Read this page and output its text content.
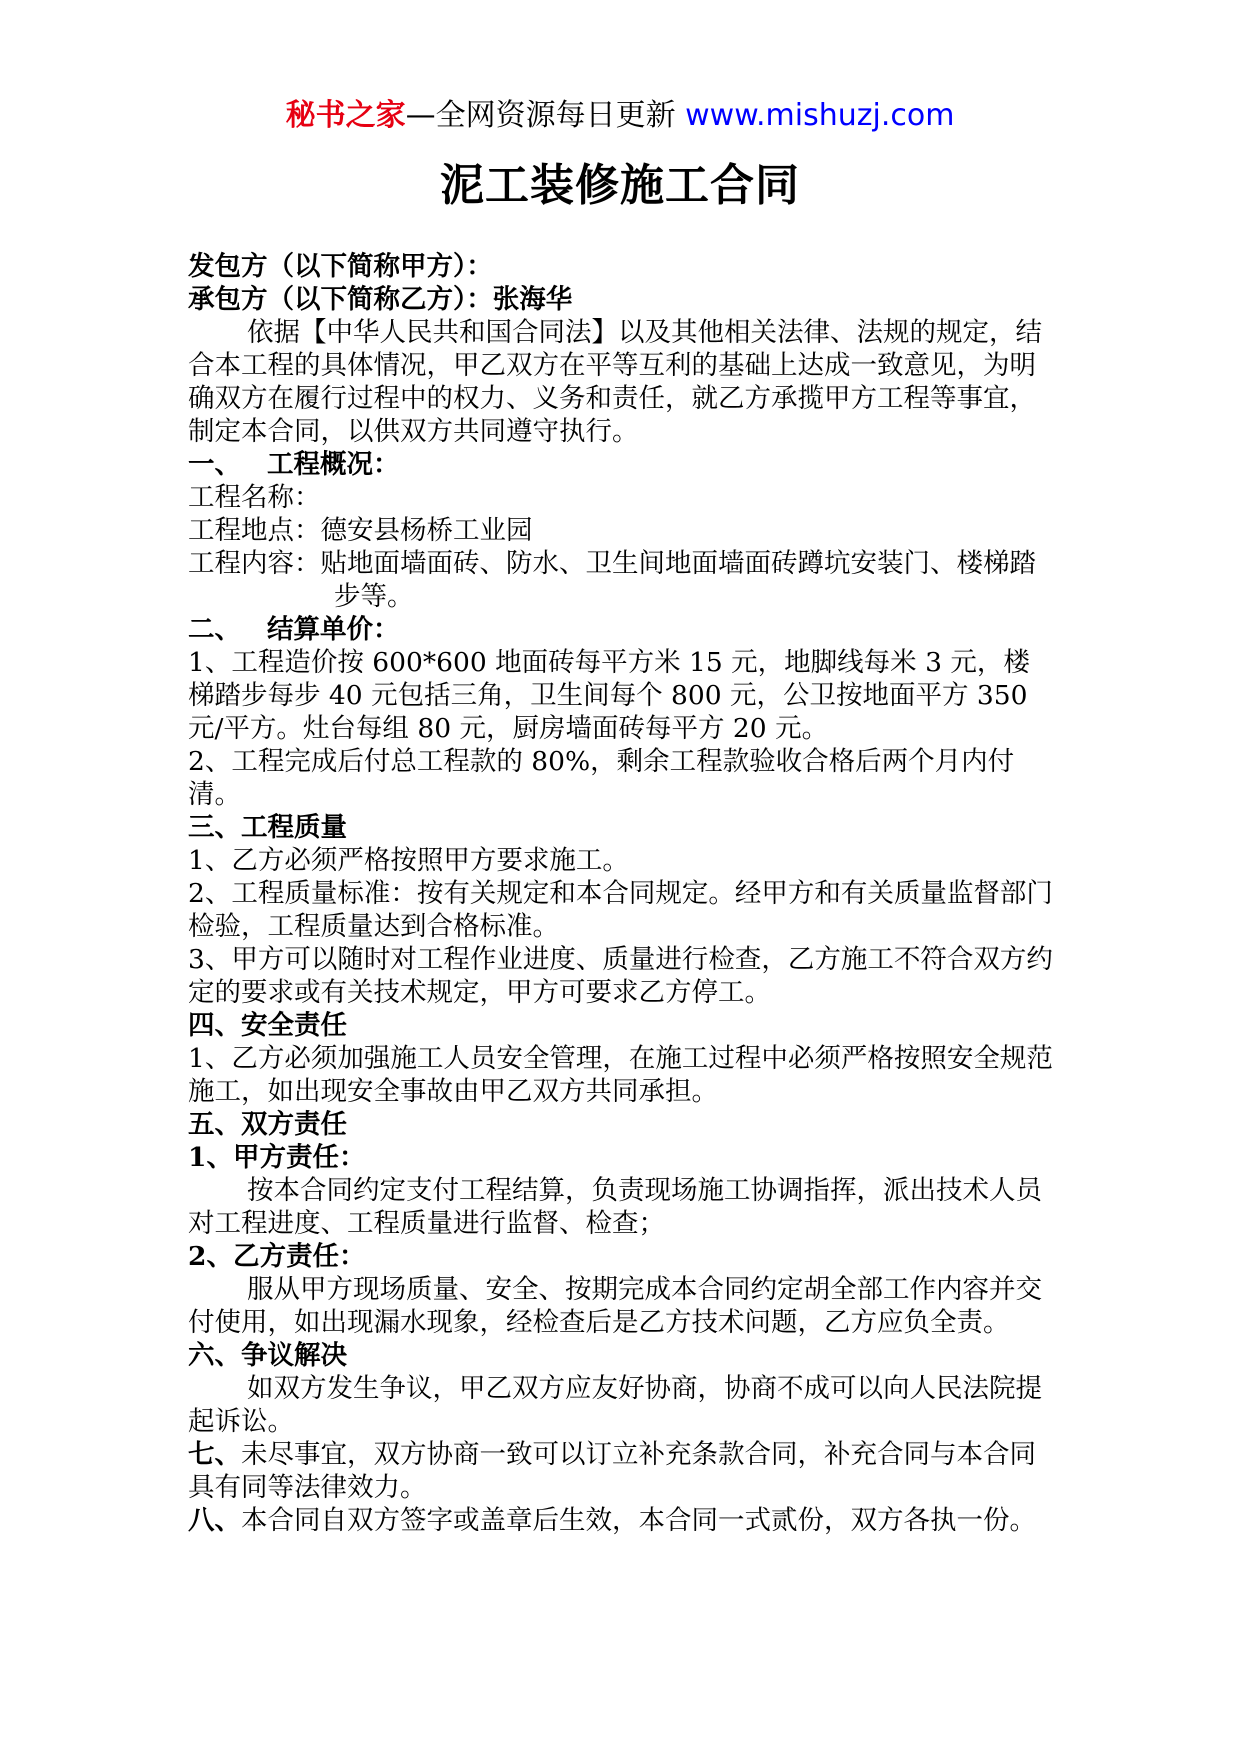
秘书之家—全网资源每日更新 www.mishuzj.com
泥工装修施工合同

发包方（以下简称甲方）：

承包方（以下简称乙方）：张海华

依据【中华人民共和国合同法】以及其他相关法律、法规的规定，结合本工程的具体情况，甲乙双方在平等互利的基础上达成一致意见，为明确双方在履行过程中的权力、义务和责任，就乙方承揽甲方工程等事宜，制定本合同，以供双方共同遵守执行。

一、 工程概况：

工程名称：

工程地点：德安县杨桥工业园

工程内容：贴地面墙面砖、防水、卫生间地面墙面砖蹲坑安装门、楼梯踏步等。

二、 结算单价：

1、工程造价按 600*600 地面砖每平方米 15 元，地脚线每米 3 元，楼梯踏步每步 40 元包括三角，卫生间每个 800 元，公卫按地面平方 350 元/平方。灶台每组 80 元，厨房墙面砖每平方 20 元。

2、工程完成后付总工程款的 80%，剩余工程款验收合格后两个月内付清。

三、工程质量

1、乙方必须严格按照甲方要求施工。

2、工程质量标准：按有关规定和本合同规定。经甲方和有关质量监督部门检验，工程质量达到合格标准。

3、甲方可以随时对工程作业进度、质量进行检查，乙方施工不符合双方约定的要求或有关技术规定，甲方可要求乙方停工。

四、安全责任

1、乙方必须加强施工人员安全管理，在施工过程中必须严格按照安全规范施工，如出现安全事故由甲乙双方共同承担。

五、双方责任

1、甲方责任：

按本合同约定支付工程结算，负责现场施工协调指挥，派出技术人员对工程进度、工程质量进行监督、检查；

2、乙方责任：

服从甲方现场质量、安全、按期完成本合同约定胡全部工作内容并交付使用，如出现漏水现象，经检查后是乙方技术问题，乙方应负全责。

六、争议解决

如双方发生争议，甲乙双方应友好协商，协商不成可以向人民法院提起诉讼。

七、未尽事宜，双方协商一致可以订立补充条款合同，补充合同与本合同具有同等法律效力。

八、本合同自双方签字或盖章后生效，本合同一式贰份，双方各执一份。
